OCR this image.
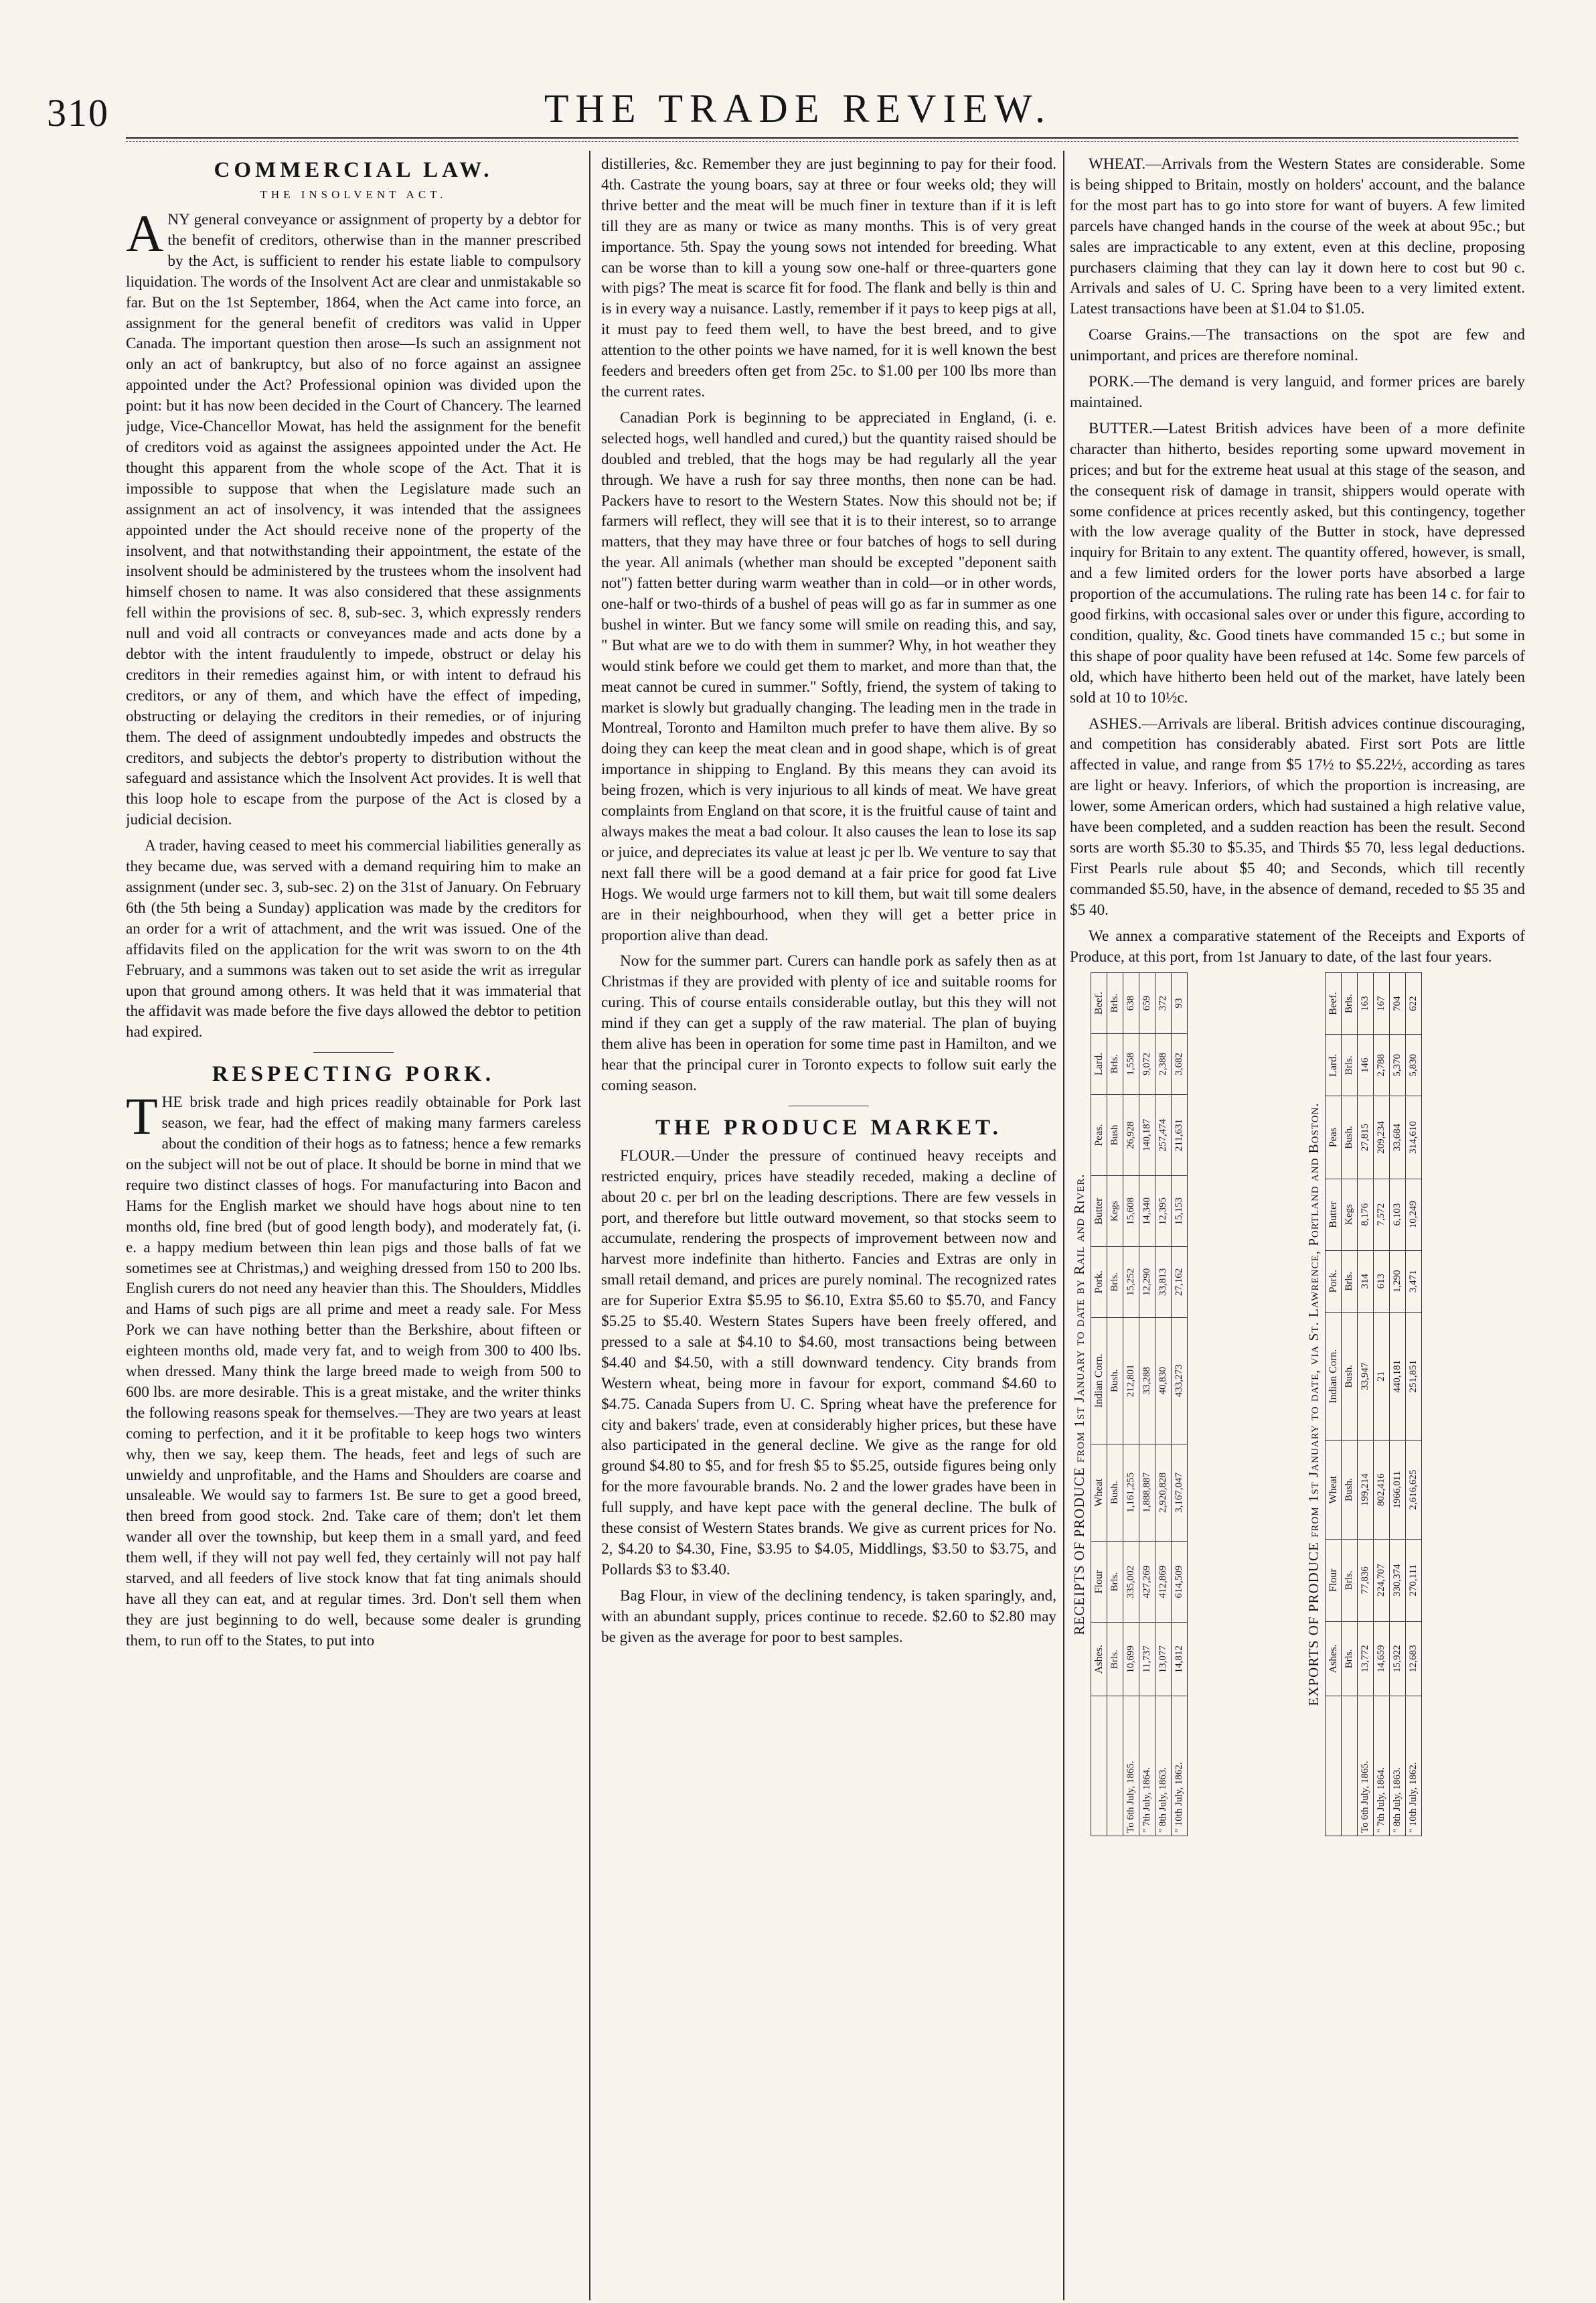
310	THE TRADE REVIEW.
COMMERCIAL LAW.
THE INSOLVENT ACT.

ANY general conveyance or assignment of property by a debtor for the benefit of creditors, otherwise than in the manner prescribed by the Act, is sufficient to render his estate liable to compulsory liquidation. The words of the Insolvent Act are clear and unmistakable so far. But on the 1st September, 1864, when the Act came into force, an assignment for the general benefit of creditors was valid in Upper Canada. The important question then arose—Is such an assignment not only an act of bankruptcy, but also of no force against an assignee appointed under the Act? Professional opinion was divided upon the point: but it has now been decided in the Court of Chancery. The learned judge, Vice-Chancellor Mowat, has held the assignment for the benefit of creditors void as against the assignees appointed under the Act. He thought this apparent from the whole scope of the Act. That it is impossible to suppose that when the Legislature made such an assignment an act of insolvency, it was intended that the assignees appointed under the Act should receive none of the property of the insolvent, and that notwithstanding their appointment, the estate of the insolvent should be administered by the trustees whom the insolvent had himself chosen to name. It was also considered that these assignments fell within the provisions of sec. 8, sub-sec. 3, which expressly renders null and void all contracts or conveyances made and acts done by a debtor with the intent fraudulently to impede, obstruct or delay his creditors in their remedies against him, or with intent to defraud his creditors, or any of them, and which have the effect of impeding, obstructing or delaying the creditors in their remedies, or of injuring them. The deed of assignment undoubtedly impedes and obstructs the creditors, and subjects the debtor's property to distribution without the safeguard and assistance which the Insolvent Act provides. It is well that this loop hole to escape from the purpose of the Act is closed by a judicial decision.

A trader, having ceased to meet his commercial liabilities generally as they became due, was served with a demand requiring him to make an assignment (under sec. 3, sub-sec. 2) on the 31st of January. On February 6th (the 5th being a Sunday) application was made by the creditors for an order for a writ of attachment, and the writ was issued. One of the affidavits filed on the application for the writ was sworn to on the 4th February, and a summons was taken out to set aside the writ as irregular upon that ground among others. It was held that it was immaterial that the affidavit was made before the five days allowed the debtor to petition had expired.

RESPECTING PORK.

THE brisk trade and high prices readily obtainable for Pork last season, we fear, had the effect of making many farmers careless about the condition of their hogs as to fatness; hence a few remarks on the subject will not be out of place. It should be borne in mind that we require two distinct classes of hogs. For manufacturing into Bacon and Hams for the English market we should have hogs about nine to ten months old, fine bred (but of good length body), and moderately fat, (i. e. a happy medium between thin lean pigs and those balls of fat we sometimes see at Christmas,) and weighing dressed from 150 to 200 lbs. English curers do not need any heavier than this. The Shoulders, Middles and Hams of such pigs are all prime and meet a ready sale. For Mess Pork we can have nothing better than the Berkshire, about fifteen or eighteen months old, made very fat, and to weigh from 300 to 400 lbs. when dressed. Many think the large breed made to weigh from 500 to 600 lbs. are more desirable. This is a great mistake, and the writer thinks the following reasons speak for themselves.—They are two years at least coming to perfection, and it it be profitable to keep hogs two winters why, then we say, keep them. The heads, feet and legs of such are unwieldy and unprofitable, and the Hams and Shoulders are coarse and unsaleable. We would say to farmers 1st. Be sure to get a good breed, then breed from good stock. 2nd. Take care of them; don't let them wander all over the township, but keep them in a small yard, and feed them well, if they will not pay well fed, they certainly will not pay half starved, and all feeders of live stock know that fat ting animals should have all they can eat, and at regular times. 3rd. Don't sell them when they are just beginning to do well, because some dealer is grunding them, to run off to the States, to put into

distilleries, &c. Remember they are just beginning to pay for their food. 4th. Castrate the young boars, say at three or four weeks old; they will thrive better and the meat will be much finer in texture than if it is left till they are as many or twice as many months. This is of very great importance. 5th. Spay the young sows not intended for breeding. What can be worse than to kill a young sow one-half or three-quarters gone with pigs? The meat is scarce fit for food. The flank and belly is thin and is in every way a nuisance. Lastly, remember if it pays to keep pigs at all, it must pay to feed them well, to have the best breed, and to give attention to the other points we have named, for it is well known the best feeders and breeders often get from 25c. to $1.00 per 100 lbs more than the current rates.

Canadian Pork is beginning to be appreciated in England, (i. e. selected hogs, well handled and cured,) but the quantity raised should be doubled and trebled, that the hogs may be had regularly all the year through. We have a rush for say three months, then none can be had. Packers have to resort to the Western States. Now this should not be; if farmers will reflect, they will see that it is to their interest, so to arrange matters, that they may have three or four batches of hogs to sell during the year. All animals (whether man should be excepted "deponent saith not") fatten better during warm weather than in cold—or in other words, one-half or two-thirds of a bushel of peas will go as far in summer as one bushel in winter. But we fancy some will smile on reading this, and say, " But what are we to do with them in summer? Why, in hot weather they would stink before we could get them to market, and more than that, the meat cannot be cured in summer." Softly, friend, the system of taking to market is slowly but gradually changing. The leading men in the trade in Montreal, Toronto and Hamilton much prefer to have them alive. By so doing they can keep the meat clean and in good shape, which is of great importance in shipping to England. By this means they can avoid its being frozen, which is very injurious to all kinds of meat. We have great complaints from England on that score, it is the fruitful cause of taint and always makes the meat a bad colour. It also causes the lean to lose its sap or juice, and depreciates its value at least jc per lb. We venture to say that next fall there will be a good demand at a fair price for good fat Live Hogs. We would urge farmers not to kill them, but wait till some dealers are in their neighbourhood, when they will get a better price in proportion alive than dead.

Now for the summer part. Curers can handle pork as safely then as at Christmas if they are provided with plenty of ice and suitable rooms for curing. This of course entails considerable outlay, but this they will not mind if they can get a supply of the raw material. The plan of buying them alive has been in operation for some time past in Hamilton, and we hear that the principal curer in Toronto expects to follow suit early the coming season.

THE PRODUCE MARKET.

FLOUR.—Under the pressure of continued heavy receipts and restricted enquiry, prices have steadily receded, making a decline of about 20 c. per brl on the leading descriptions. There are few vessels in port, and therefore but little outward movement, so that stocks seem to accumulate, rendering the prospects of improvement between now and harvest more indefinite than hitherto. Fancies and Extras are only in small retail demand, and prices are purely nominal. The recognized rates are for Superior Extra $5.95 to $6.10, Extra $5.60 to $5.70, and Fancy $5.25 to $5.40. Western States Supers have been freely offered, and pressed to a sale at $4.10 to $4.60, most transactions being between $4.40 and $4.50, with a still downward tendency. City brands from Western wheat, being more in favour for export, command $4.60 to $4.75. Canada Supers from U. C. Spring wheat have the preference for city and bakers' trade, even at considerably higher prices, but these have also participated in the general decline. We give as the range for old ground $4.80 to $5, and for fresh $5 to $5.25, outside figures being only for the more favourable brands. No. 2 and the lower grades have been in full supply, and have kept pace with the general decline. The bulk of these consist of Western States brands. We give as current prices for No. 2, $4.20 to $4.30, Fine, $3.95 to $4.05, Middlings, $3.50 to $3.75, and Pollards $3 to $3.40.

Bag Flour, in view of the declining tendency, is taken sparingly, and, with an abundant supply, prices continue to recede. $2.60 to $2.80 may be given as the average for poor to best samples.

WHEAT.—Arrivals from the Western States are considerable. Some is being shipped to Britain, mostly on holders' account, and the balance for the most part has to go into store for want of buyers. A few limited parcels have changed hands in the course of the week at about 95c.; but sales are impracticable to any extent, even at this decline, proposing purchasers claiming that they can lay it down here to cost but 90 c. Arrivals and sales of U. C. Spring have been to a very limited extent. Latest transactions have been at $1.04 to $1.05.

Coarse Grains.—The transactions on the spot are few and unimportant, and prices are therefore nominal.

PORK.—The demand is very languid, and former prices are barely maintained.

BUTTER.—Latest British advices have been of a more definite character than hitherto, besides reporting some upward movement in prices; and but for the extreme heat usual at this stage of the season, and the consequent risk of damage in transit, shippers would operate with some confidence at prices recently asked, but this contingency, together with the low average quality of the Butter in stock, have depressed inquiry for Britain to any extent. The quantity offered, however, is small, and a few limited orders for the lower ports have absorbed a large proportion of the accumulations. The ruling rate has been 14 c. for fair to good firkins, with occasional sales over or under this figure, according to condition, quality, &c. Good tinets have commanded 15 c.; but some in this shape of poor quality have been refused at 14c. Some few parcels of old, which have hitherto been held out of the market, have lately been sold at 10 to 10½c.

ASHES.—Arrivals are liberal. British advices continue discouraging, and competition has considerably abated. First sort Pots are little affected in value, and range from $5 17½ to $5.22½, according as tares are light or heavy. Inferiors, of which the proportion is increasing, are lower, some American orders, which had sustained a high relative value, have been completed, and a sudden reaction has been the result. Second sorts are worth $5.30 to $5.35, and Thirds $5 70, less legal deductions. First Pearls rule about $5 40; and Seconds, which till recently commanded $5.50, have, in the absence of demand, receded to $5 35 and $5 40.

We annex a comparative statement of the Receipts and Exports of Produce, at this port, from 1st January to date, of the last four years.

RECEIPTS OF PRODUCE from 1st January to date by Rail and River.
	Ashes.	Flour	Wheat	Indian Corn.	Pork.	Butter	Peas.	Lard.	Beef.
	Brls.	Brls.	Bush.	Bush.	Brls.	Kegs	Bush	Brls.	Brls.
To 6th July, 1865.	10,699	335,002	1,161,255	212,801	15,252	15,608	26,928	1,558	638
" 7th July, 1864.	11,737	427,269	1,888,887	33,288	12,290	14,340	140,187	9,072	659
" 8th July, 1863.	13,077	412,869	2,920,828	40,830	33,813	12,395	257,474	2,388	372
" 10th July, 1862.	14,812	614,509	3,167,047	433,273	27,162	15,153	211,631	3,682	93
EXPORTS OF PRODUCE from 1st January to date, via St. Lawrence, Portland and Boston.
	Ashes.	Flour	Wheat	Indian Corn.	Pork.	Butter	Peas	Lard.	Beef.
	Brls.	Brls.	Bush.	Bush.	Brls.	Kegs	Bush.	Brls.	Brls.
To 6th July, 1865.	13,772	77,836	199,214	33,947	314	8,176	27,815	146	163
" 7th July, 1864.	14,659	224,707	802,416	21	613	7,572	209,234	2,788	167
" 8th July, 1863.	15,922	330,374	1966,011	440,181	1,290	6,103	33,684	5,370	704
" 10th July, 1862.	12,683	270,111	2,616,625	251,851	3,471	10,249	314,610	5,830	622
